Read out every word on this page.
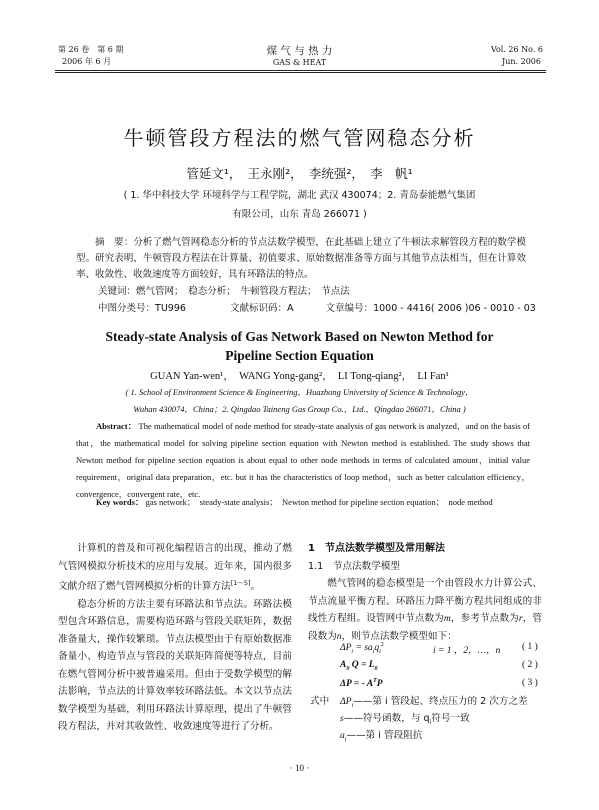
第 26 卷　第 6 期
2006 年 6 月
煤 气 与 热 力
GAS & HEAT
Vol. 26 No. 6
Jun. 2006
牛顿管段方程法的燃气管网稳态分析
管延文¹，　王永刚²，　李统强²，　李　帆¹
( 1. 华中科技大学 环境科学与工程学院，湖北 武汉 430074；2. 青岛泰能燃气集团
有限公司，山东 青岛 266071 )
摘　要：分析了燃气管网稳态分析的节点法数学模型，在此基础上建立了牛顿法求解管段方程的数学模型。研究表明，牛顿管段方程法在计算量、初值要求、原始数据准备等方面与其他节点法相当，但在计算效率、收敛性、收敛速度等方面较好，具有环路法的特点。
关键词：燃气管网；　稳态分析；　牛顿管段方程法；　节点法
中图分类号：TU996	文献标识码：A	文章编号：1000 - 4416( 2006 )06 - 0010 - 03
Steady-state Analysis of Gas Network Based on Newton Method for
Pipeline Section Equation
GUAN Yan-wen¹，　WANG Yong-gang²，　LI Tong-qiang²，　LI Fan¹
( 1. School of Environment Science & Engineering，Huazhong University of Science & Technology，
Wuhan 430074，China；2. Qingdao Taineng Gas Group Co.，Ltd.，Qingdao 266071，China )
Abstract： The mathematical model of node method for steady-state analysis of gas network is analyzed，and on the basis of that，the mathematical model for solving pipeline section equation with Newton method is established. The study shows that Newton method for pipeline section equation is about equal to other node methods in terms of calculated amount，initial value requirement，original data preparation，etc. but it has the characteristics of loop method，such as better calculation efficiency，convergence，convergent rate，etc.
Key words： gas network；　steady-state analysis；　Newton method for pipeline section equation；　node method

计算机的普及和可视化编程语言的出现，推动了燃气管网模拟分析技术的应用与发展。近年来，国内很多文献介绍了燃气管网模拟分析的计算方法[1～5]。

稳态分析的方法主要有环路法和节点法。环路法模型包含环路信息，需要构造环路与管段关联矩阵，数据准备量大，操作较繁琐。节点法模型由于有原始数据准备量小、构造节点与管段的关联矩阵简便等特点，目前在燃气管网分析中被普遍采用。但由于受数学模型的解法影响，节点法的计算效率较环路法低。本文以节点法数学模型为基础，利用环路法计算原理，提出了牛顿管段方程法，并对其收敛性、收敛速度等进行了分析。

1　节点法数学模型及常用解法
1.1　节点法数学模型

燃气管网的稳态模型是一个由管段水力计算公式、节点流量平衡方程、环路压力降平衡方程共同组成的非线性方程组。设管网中节点数为m，参考节点数为r，管段数为n，则节点法数学模型如下：

$\Delta P_i = sa_iq_i^2$
i = 1 ，2，…，n ( 1 )
$A_0$ $Q = L_0$	( 2 )
ΔP = - $A^TP$	( 3 )
式中 $\Delta P_i——$第 i 管段起、终点压力的 2 次方之差
s——符号函数，与 $q_i$符号一致
$a_i——$第 i 管段阻抗
· 10 ·
